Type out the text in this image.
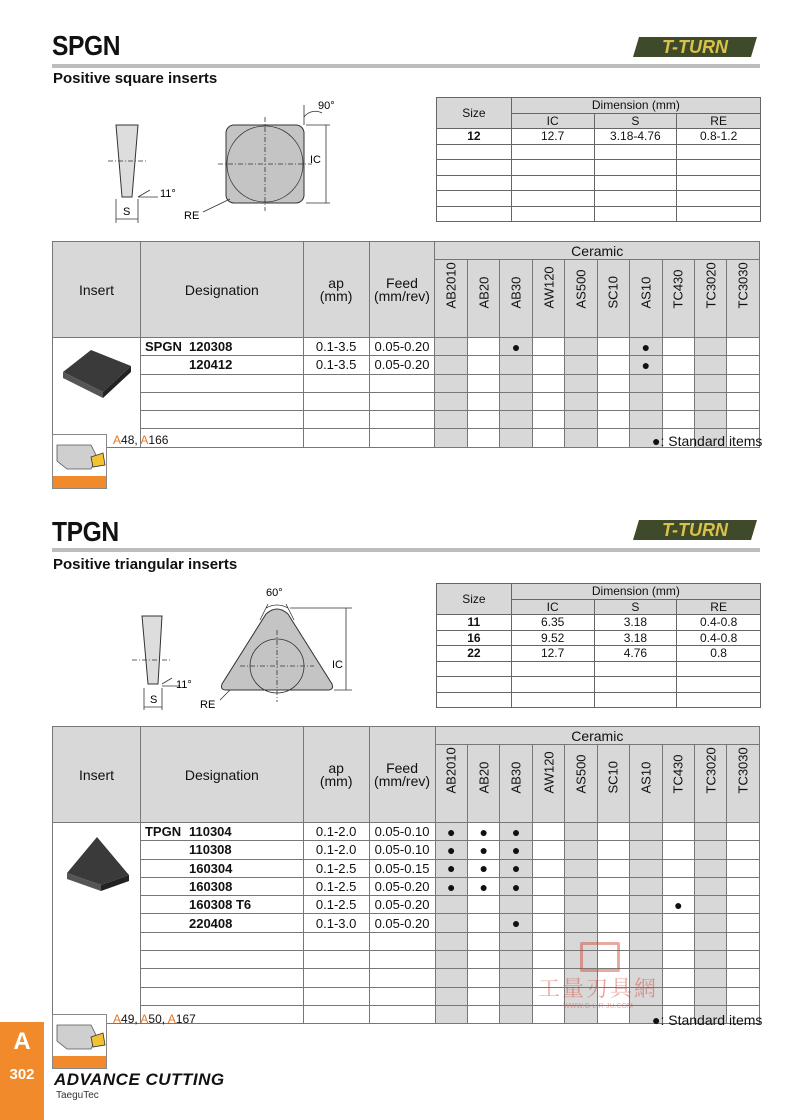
SPGN	T-TURN
Positive square inserts
11°
S
IC
90°
RE
Size	Dimension (mm)		
	IC	S	RE
12	12.7	3.18-4.76	0.8-1.2

Insert	Designation	ap
(mm)	Feed
(mm/rev)	Ceramic									
				AB2010	AB20	AB30	AW120	AS500	SC10	AS10	TC430	TC3020	TC3030
	SPGN 120308	0.1-3.5	0.05-0.20			●				●			
	120412	0.1-3.5	0.05-0.20							●			

A48, A166	●: Standard items
TPGN	T-TURN
Positive triangular inserts
11°
S
60°
IC
RE
Size	Dimension (mm)		
	IC	S	RE
11	6.35	3.18	0.4-0.8
16	9.52	3.18	0.4-0.8
22	12.7	4.76	0.8

Insert	Designation	ap
(mm)	Feed
(mm/rev)	Ceramic									
				AB2010	AB20	AB30	AW120	AS500	SC10	AS10	TC430	TC3020	TC3030
	TPGN 110304	0.1-2.0	0.05-0.10	●	●	●							
	110308	0.1-2.0	0.05-0.10	●	●	●							
	160304	0.1-2.5	0.05-0.15	●	●	●							
	160308	0.1-2.5	0.05-0.20	●	●	●							
	160308 T6	0.1-2.5	0.05-0.20								●		
	220408	0.1-3.0	0.05-0.20			●							

A49, A50, A167	●: Standard items
工量刃具網
WWW.G-L-R-JU.COM
A
302	ADVANCE CUTTING
TaeguTec
